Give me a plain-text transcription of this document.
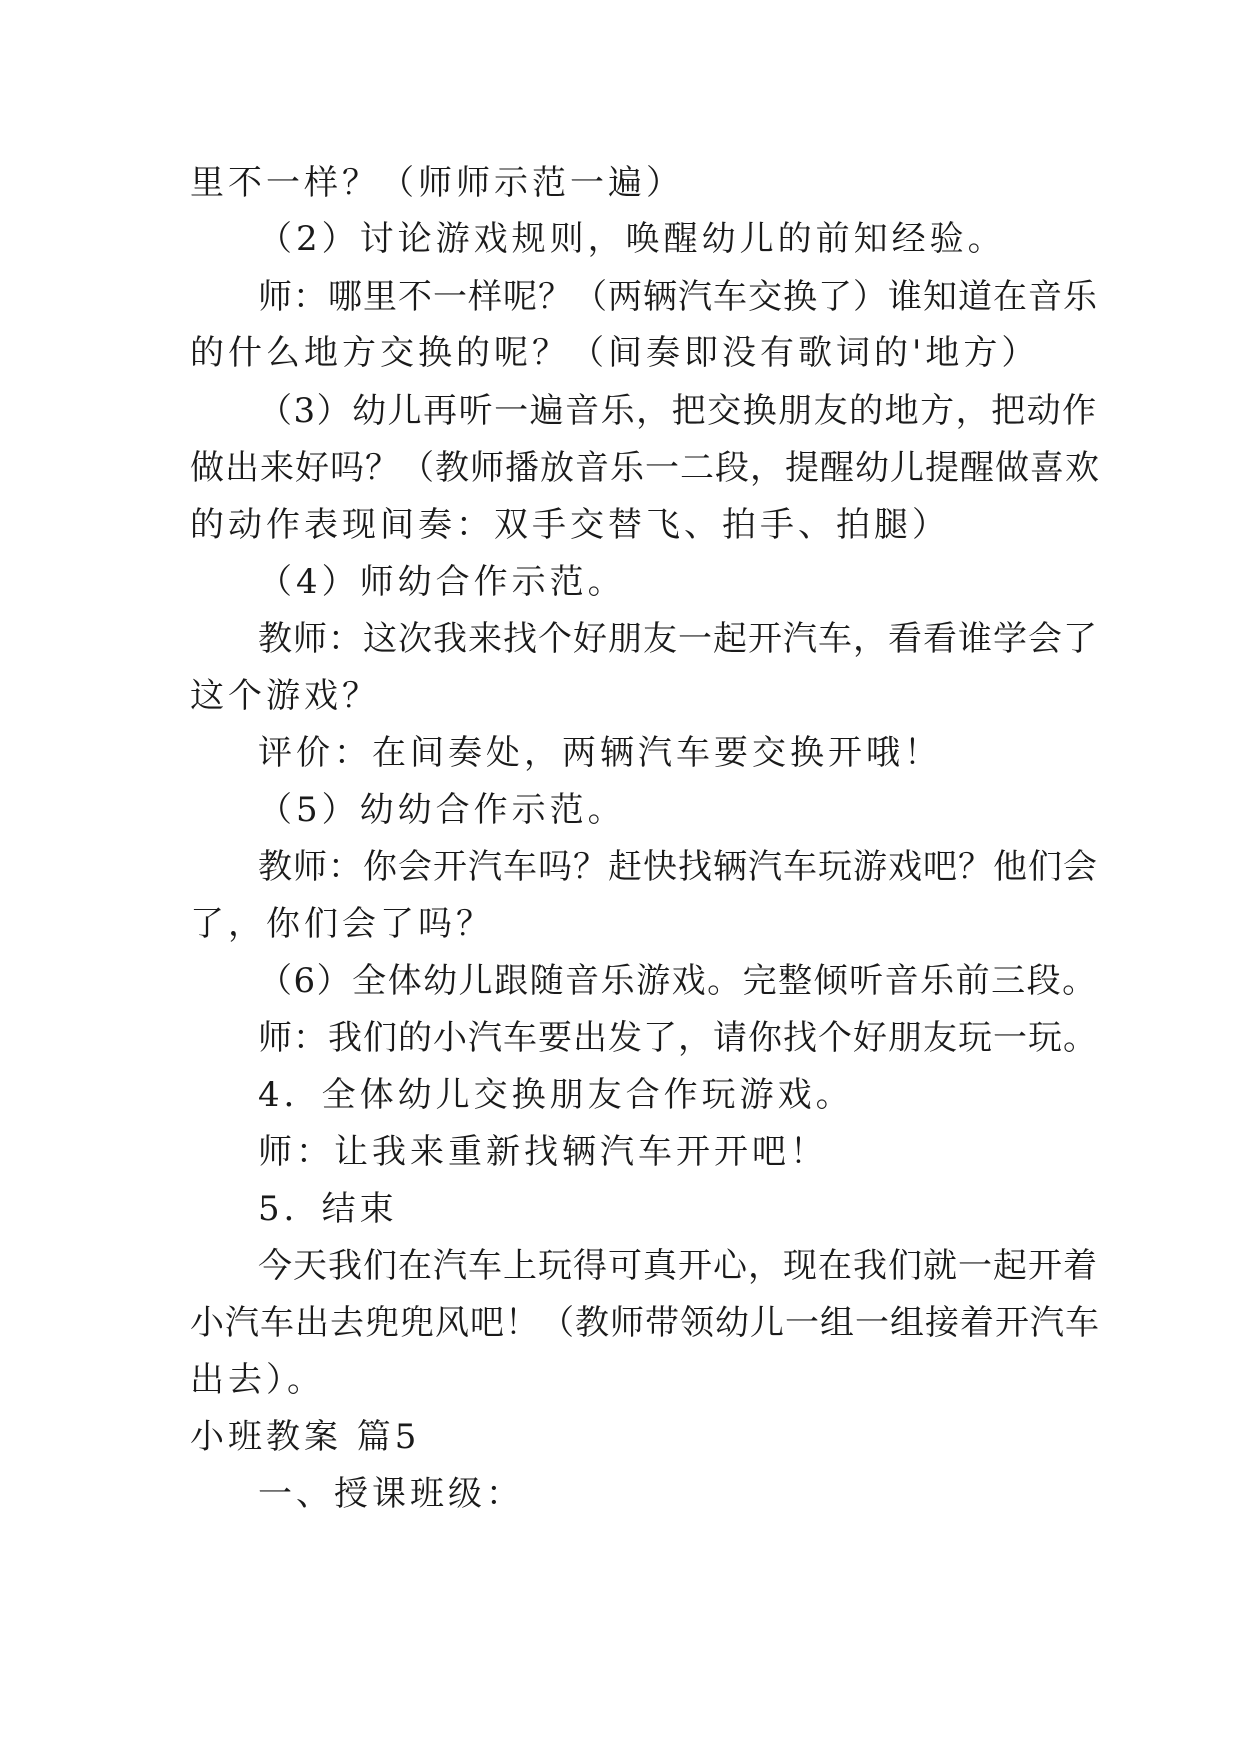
里不一样？（师师示范一遍）
（2）讨论游戏规则，唤醒幼儿的前知经验。
师：哪里不一样呢？（两辆汽车交换了）谁知道在音乐
的什么地方交换的呢？（间奏即没有歌词的'地方）
（3）幼儿再听一遍音乐，把交换朋友的地方，把动作
做出来好吗？（教师播放音乐一二段，提醒幼儿提醒做喜欢
的动作表现间奏：双手交替飞、拍手、拍腿）
（4）师幼合作示范。
教师：这次我来找个好朋友一起开汽车，看看谁学会了
这个游戏？
评价：在间奏处，两辆汽车要交换开哦！
（5）幼幼合作示范。
教师：你会开汽车吗？赶快找辆汽车玩游戏吧？他们会
了，你们会了吗？
（6）全体幼儿跟随音乐游戏。完整倾听音乐前三段。
师：我们的小汽车要出发了，请你找个好朋友玩一玩。
4．全体幼儿交换朋友合作玩游戏。
师：让我来重新找辆汽车开开吧！
5．结束
今天我们在汽车上玩得可真开心，现在我们就一起开着
小汽车出去兜兜风吧！（教师带领幼儿一组一组接着开汽车
出去）。
小班教案 篇5
一、授课班级：
